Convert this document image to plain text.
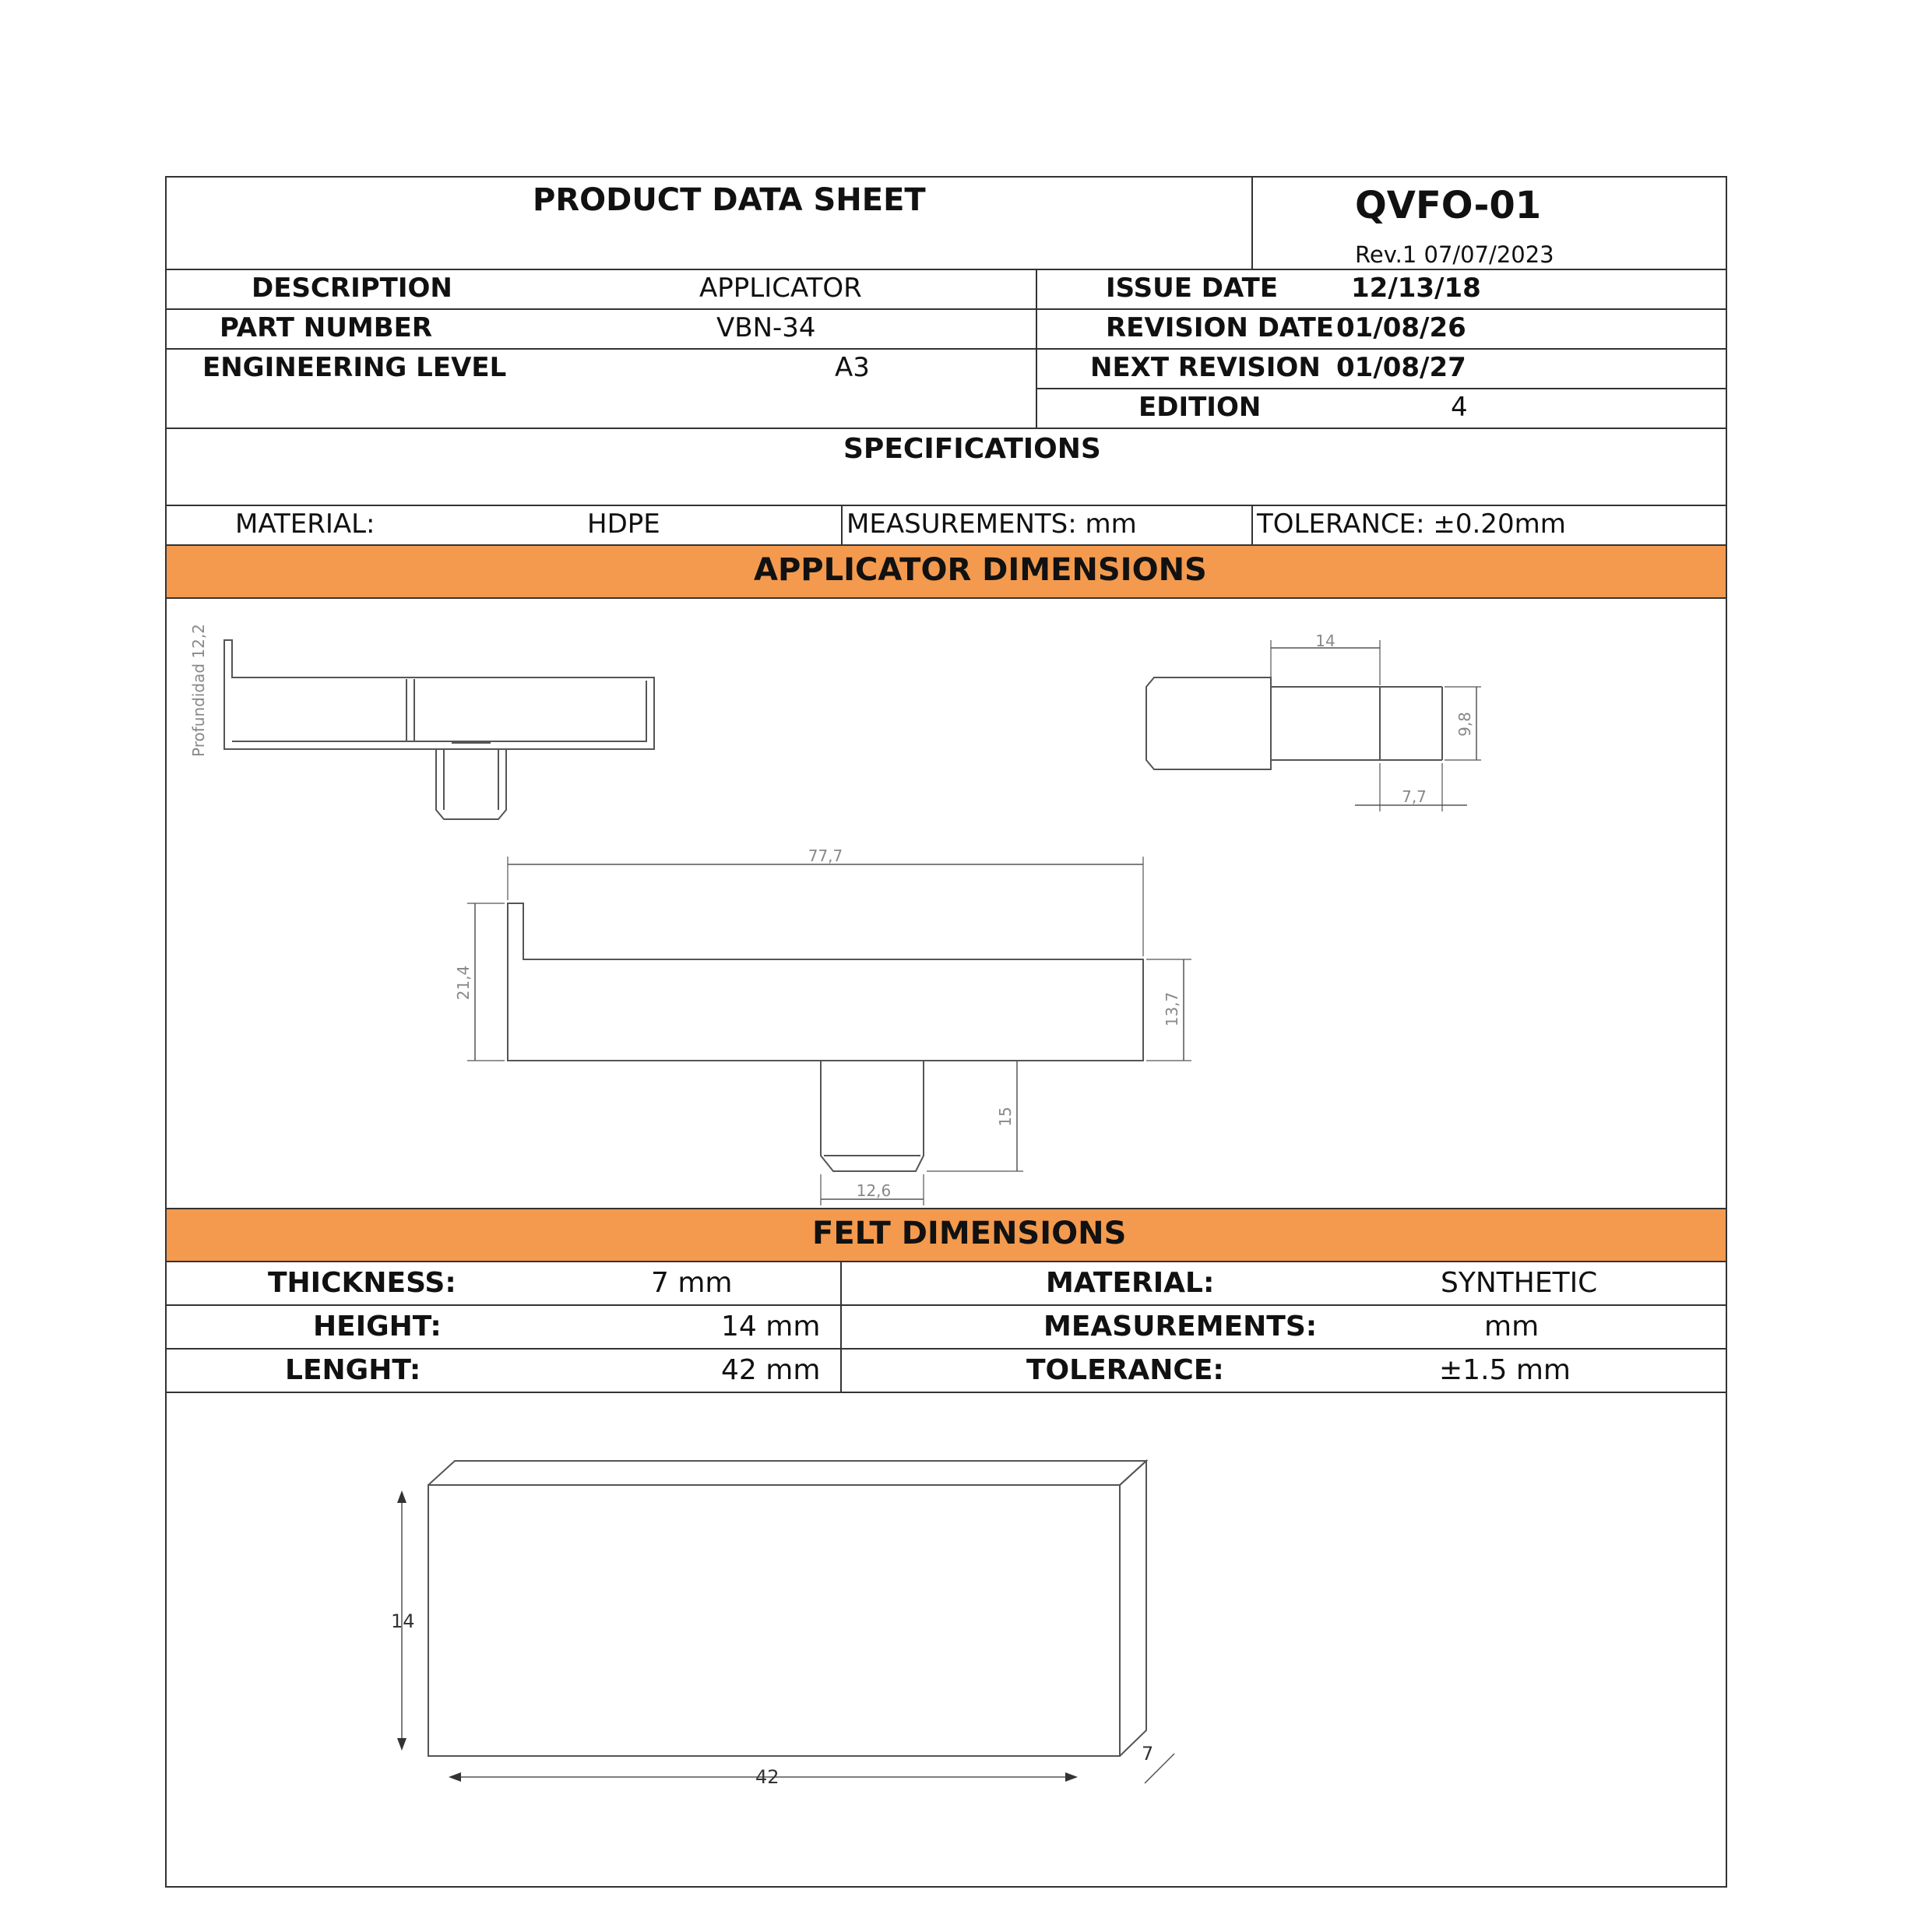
PRODUCT DATA SHEET	QVFO-01
Rev.1 07/07/2023
DESCRIPTION	APPLICATOR
PART NUMBER	VBN-34
ENGINEERING LEVEL	A3
ISSUE DATE	12/13/18
REVISION DATE 01/08/26
NEXT REVISION 01/08/27
EDITION	4
SPECIFICATIONS
MATERIAL:	HDPE	MEASUREMENTS: mm	TOLERANCE: ±0.20mm
APPLICATOR DIMENSIONS
Profundidad 12,2	14
9,8
7,7
77,7
21,4
13,7
15
12,6
FELT DIMENSIONS
THICKNESS:	7 mm
HEIGHT:	14 mm
LENGHT:	42 mm
MATERIAL:	SYNTHETIC
MEASUREMENTS:	mm
TOLERANCE:	±1.5 mm
14
42
7
